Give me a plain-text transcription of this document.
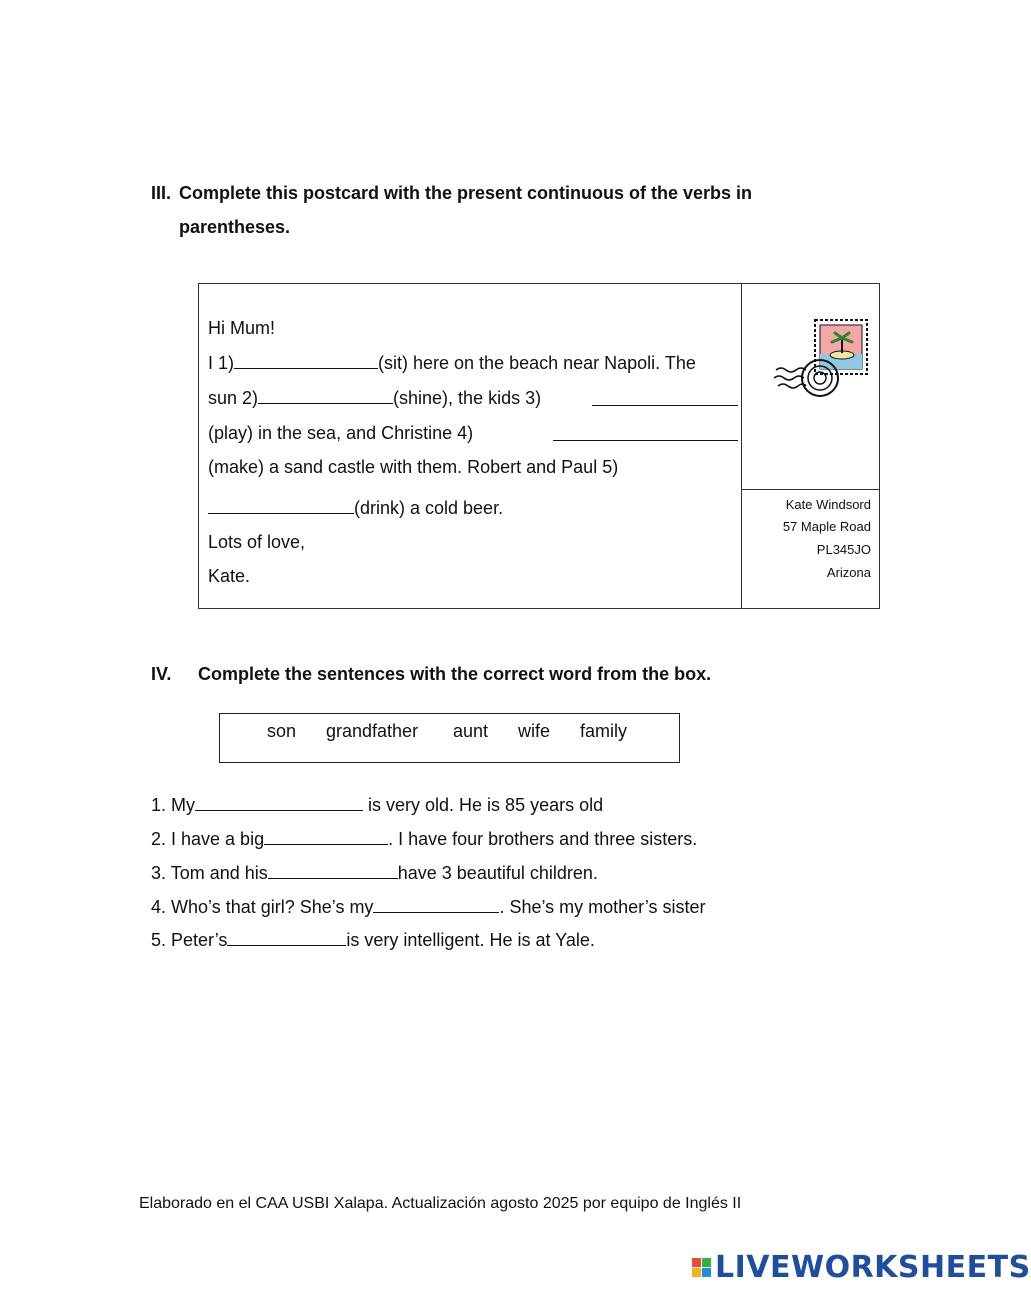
III. Complete this postcard with the present continuous of the verbs in
parentheses.
Hi Mum!
I 1)	(sit) here on the beach near Napoli. The
sun 2)	(shine), the kids 3)
(play) in the sea, and Christine 4)
(make) a sand castle with them. Robert and Paul 5)
(drink) a cold beer.
Lots of love,
Kate.
Kate Windsord
57 Maple Road
PL345JO
Arizona
IV. Complete the sentences with the correct word from the box.
son grandfather aunt wife family
1. My	is very old. He is 85 years old
2. I have a big	. I have four brothers and three sisters.
3. Tom and his	have 3 beautiful children.
4. Who’s that girl? She’s my	. She’s my mother’s sister
5. Peter’s	is very intelligent. He is at Yale.
Elaborado en el CAA USBI Xalapa. Actualización agosto 2025 por equipo de Inglés II
LIVEWORKSHEETS
